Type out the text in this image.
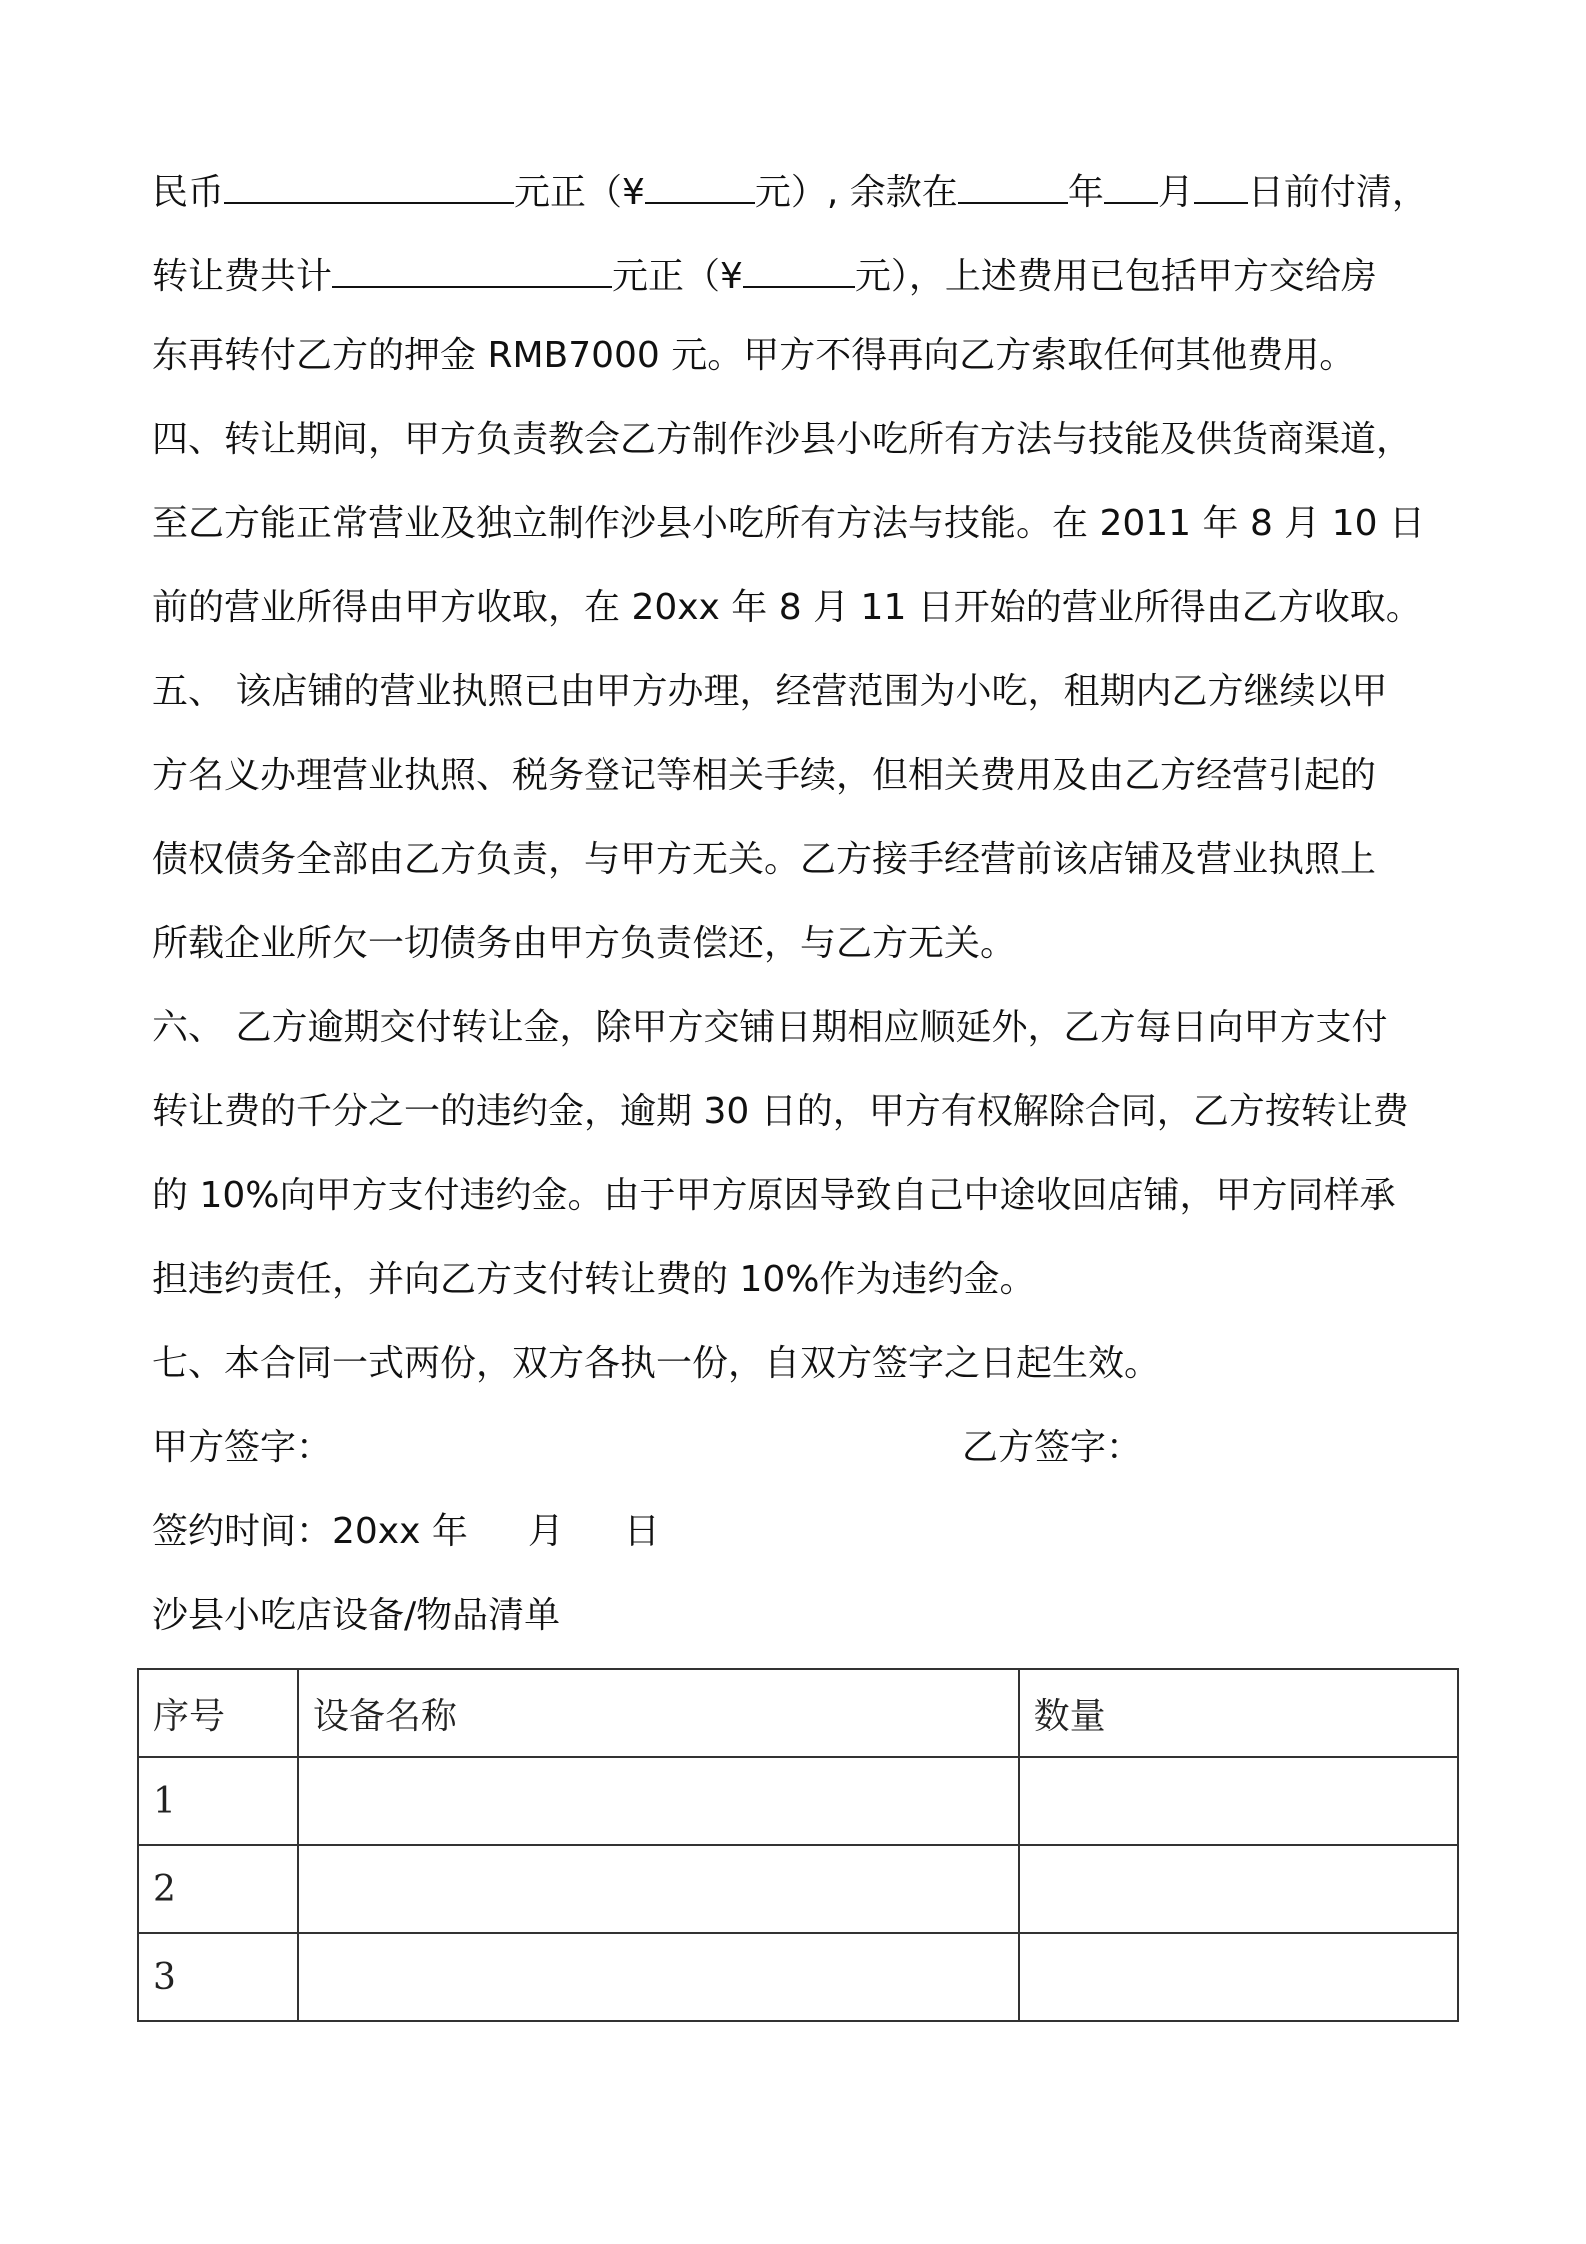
民币	元正（¥	元）, 余款在	年 月 日前付清，
转让费共计	元正（¥	元），上述费用已包括甲方交给房
东再转付乙方的押金 RMB7000 元。甲方不得再向乙方索取任何其他费用。
四、转让期间，甲方负责教会乙方制作沙县小吃所有方法与技能及供货商渠道，
至乙方能正常营业及独立制作沙县小吃所有方法与技能。在 2011 年 8 月 10 日
前的营业所得由甲方收取，在 20xx 年 8 月 11 日开始的营业所得由乙方收取。
五、 该店铺的营业执照已由甲方办理，经营范围为小吃，租期内乙方继续以甲
方名义办理营业执照、税务登记等相关手续，但相关费用及由乙方经营引起的
债权债务全部由乙方负责，与甲方无关。乙方接手经营前该店铺及营业执照上
所载企业所欠一切债务由甲方负责偿还，与乙方无关。
六、 乙方逾期交付转让金，除甲方交铺日期相应顺延外，乙方每日向甲方支付
转让费的千分之一的违约金，逾期 30 日的，甲方有权解除合同，乙方按转让费
的 10%向甲方支付违约金。由于甲方原因导致自己中途收回店铺，甲方同样承
担违约责任，并向乙方支付转让费的 10%作为违约金。
七、本合同一式两份，双方各执一份，自双方签字之日起生效。
甲方签字：	乙方签字：
签约时间：20xx 年 月 日
沙县小吃店设备/物品清单
序号	设备名称	数量
1		
2		
3		
